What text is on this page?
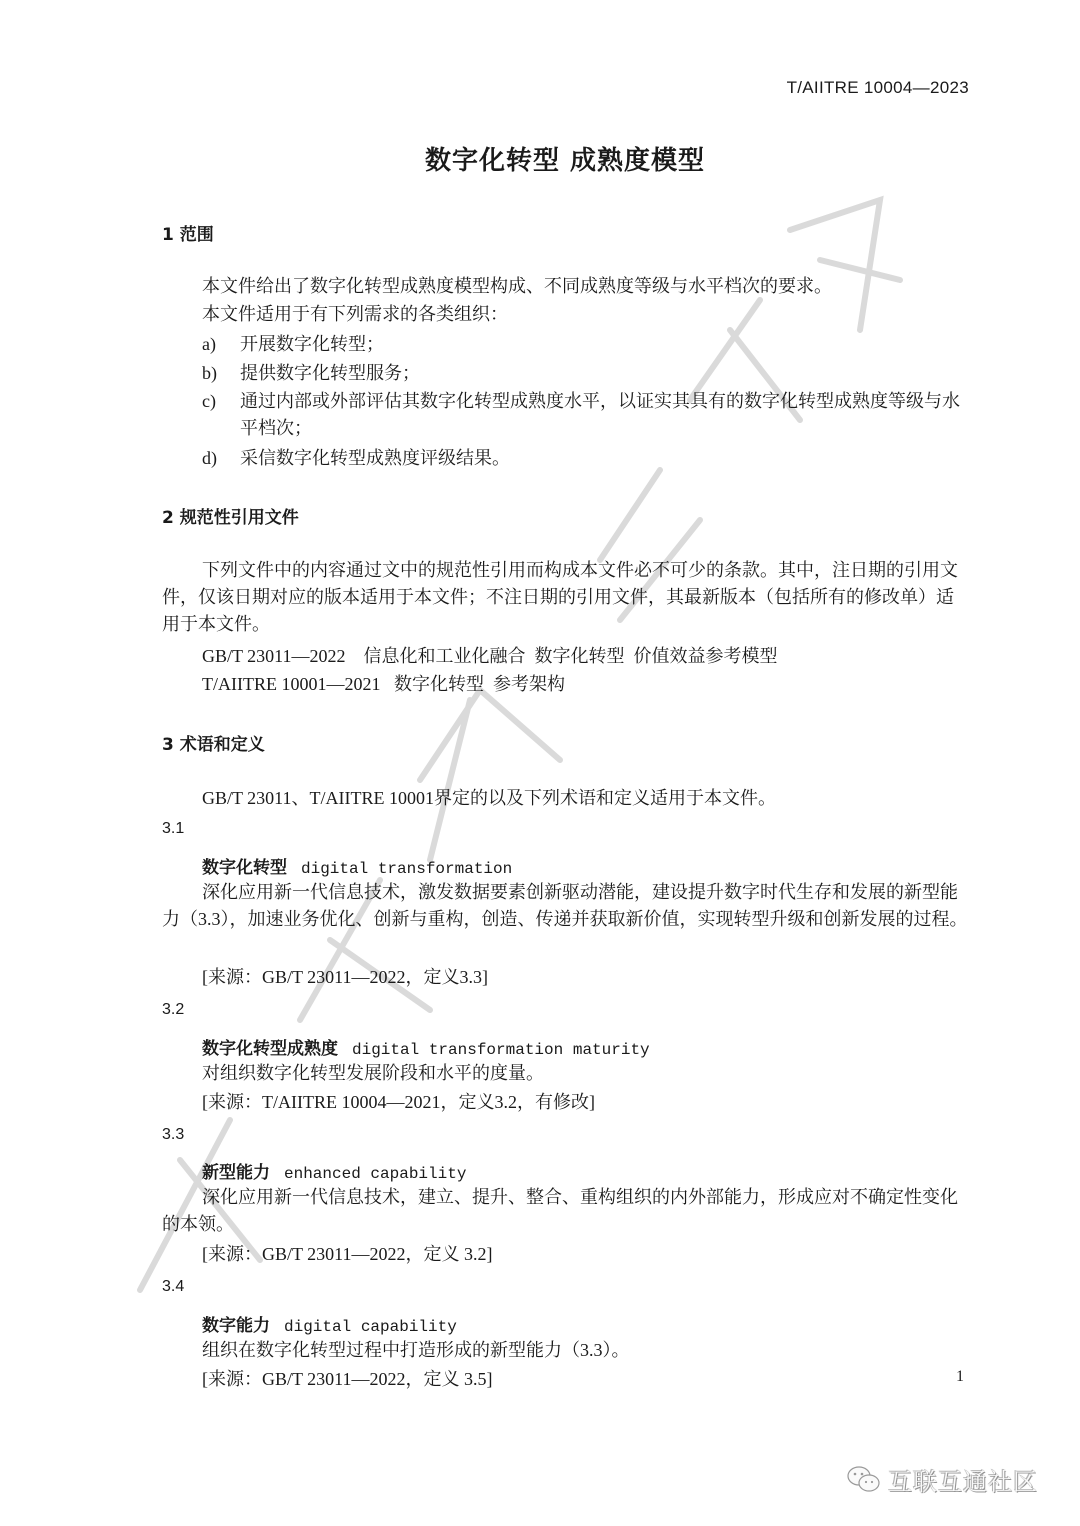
T/AIITRE 10004—2023
数字化转型 成熟度模型
1 范围
本文件给出了数字化转型成熟度模型构成、不同成熟度等级与水平档次的要求。
本文件适用于有下列需求的各类组织：
a) 开展数字化转型；
b) 提供数字化转型服务；
c) 通过内部或外部评估其数字化转型成熟度水平，以证实其具有的数字化转型成熟度等级与水平档次；
d) 采信数字化转型成熟度评级结果。
2 规范性引用文件
下列文件中的内容通过文中的规范性引用而构成本文件必不可少的条款。其中，注日期的引用文件，仅该日期对应的版本适用于本文件；不注日期的引用文件，其最新版本（包括所有的修改单）适用于本文件。
GB/T 23011—2022    信息化和工业化融合  数字化转型  价值效益参考模型
T/AIITRE 10001—2021   数字化转型  参考架构
3 术语和定义
GB/T 23011、T/AIITRE 10001界定的以及下列术语和定义适用于本文件。
3.1
数字化转型 digital transformation
深化应用新一代信息技术，激发数据要素创新驱动潜能，建设提升数字时代生存和发展的新型能力（3.3），加速业务优化、创新与重构，创造、传递并获取新价值，实现转型升级和创新发展的过程。
[来源：GB/T 23011—2022，定义3.3]
3.2
数字化转型成熟度 digital transformation maturity
对组织数字化转型发展阶段和水平的度量。
[来源：T/AIITRE 10004—2021，定义3.2，有修改]
3.3
新型能力 enhanced capability
深化应用新一代信息技术，建立、提升、整合、重构组织的内外部能力，形成应对不确定性变化的本领。
[来源：GB/T 23011—2022，定义 3.2]
3.4
数字能力 digital capability
组织在数字化转型过程中打造形成的新型能力（3.3）。
[来源：GB/T 23011—2022，定义 3.5]	1
互联互通社区
